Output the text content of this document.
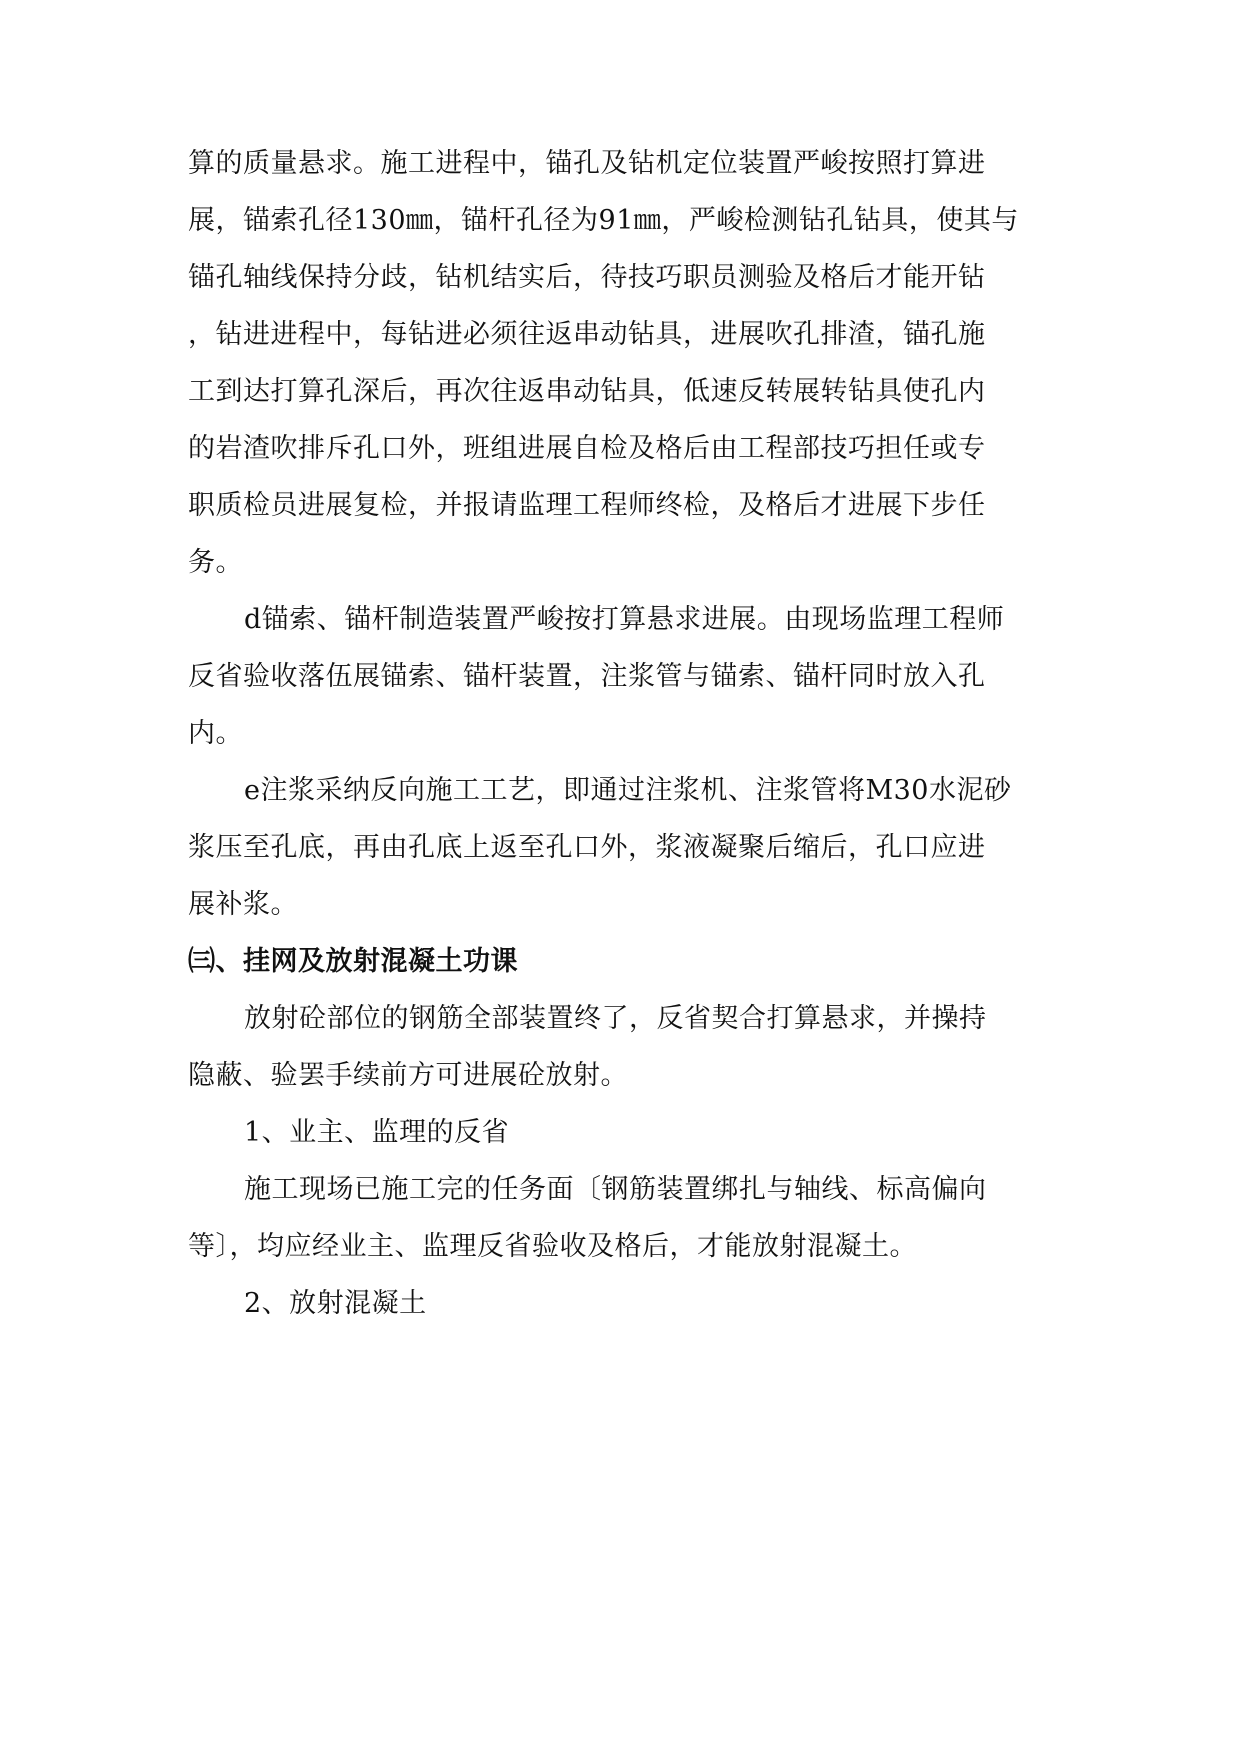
算的质量悬求。施工进程中，锚孔及钻机定位装置严峻按照打算进
展，锚索孔径130㎜，锚杆孔径为91㎜，严峻检测钻孔钻具，使其与
锚孔轴线保持分歧，钻机结实后，待技巧职员测验及格后才能开钻
，钻进进程中，每钻进必须往返串动钻具，进展吹孔排渣，锚孔施
工到达打算孔深后，再次往返串动钻具，低速反转展转钻具使孔内
的岩渣吹排斥孔口外，班组进展自检及格后由工程部技巧担任或专
职质检员进展复检，并报请监理工程师终检，及格后才进展下步任
务。
d锚索、锚杆制造装置严峻按打算悬求进展。由现场监理工程师
反省验收落伍展锚索、锚杆装置，注浆管与锚索、锚杆同时放入孔
内。
e注浆采纳反向施工工艺，即通过注浆机、注浆管将M30水泥砂
浆压至孔底，再由孔底上返至孔口外，浆液凝聚后缩后，孔口应进
展补浆。
㈢、挂网及放射混凝土功课
放射砼部位的钢筋全部装置终了，反省契合打算悬求，并操持
隐蔽、验罢手续前方可进展砼放射。
1、业主、监理的反省
施工现场已施工完的任务面〔钢筋装置绑扎与轴线、标高偏向
等〕，均应经业主、监理反省验收及格后，才能放射混凝土。
2、放射混凝土
